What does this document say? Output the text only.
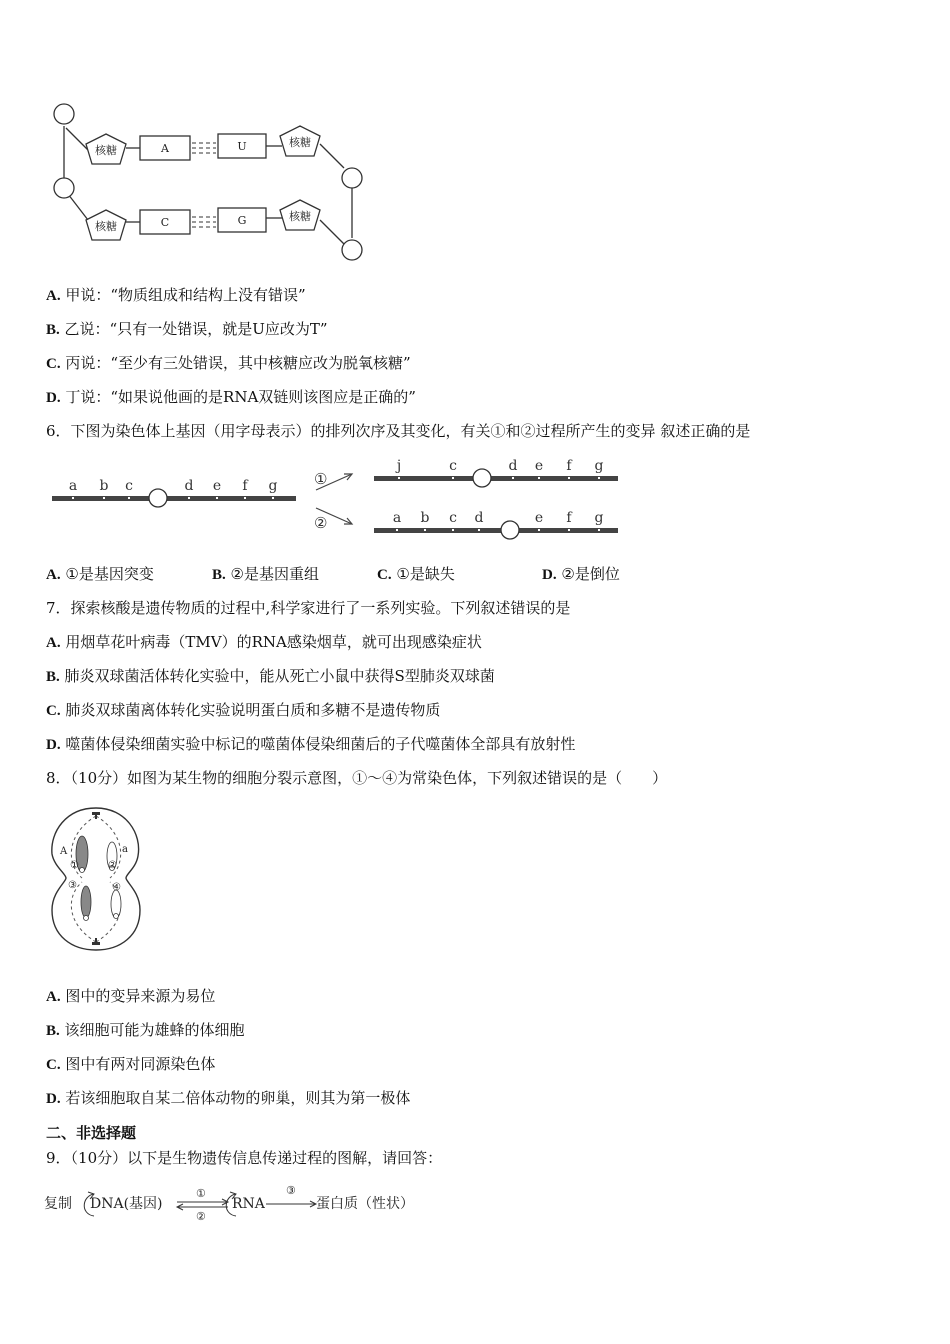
核糖
核糖
核糖
核糖
A	U
C	G
A. 甲说：“物质组成和结构上没有错误”
B. 乙说：“只有一处错误，就是U应改为T”
C. 丙说：“至少有三处错误，其中核糖应改为脱氧核糖”
D. 丁说：“如果说他画的是RNA双链则该图应是正确的”
6．下图为染色体上基因（用字母表示）的排列次序及其变化，有关①和②过程所产生的变异 叙述正确的是
a b c	d e f g ①
②
j	c	d e f g
a b c d	e f g
A. ①是基因突变	B. ②是基因重组	C. ①是缺失	D. ②是倒位
7．探索核酸是遗传物质的过程中,科学家进行了一系列实验。下列叙述错误的是
A. 用烟草花叶病毒（TMV）的RNA感染烟草，就可出现感染症状
B. 肺炎双球菌活体转化实验中，能从死亡小鼠中获得S型肺炎双球菌
C. 肺炎双球菌离体转化实验说明蛋白质和多糖不是遗传物质
D. 噬菌体侵染细菌实验中标记的噬菌体侵染细菌后的子代噬菌体全部具有放射性
8．（10分）如图为某生物的细胞分裂示意图，①～④为常染色体，下列叙述错误的是（　　）
A	a
①	②
③	④
A. 图中的变异来源为易位
B. 该细胞可能为雄蜂的体细胞
C. 图中有两对同源染色体
D. 若该细胞取自某二倍体动物的卵巢，则其为第一极体
二、非选择题
9．（10分）以下是生物遗传信息传递过程的图解，请回答：
复制 DNA(基因)	RNA	蛋白质（性状）
①
②
③
